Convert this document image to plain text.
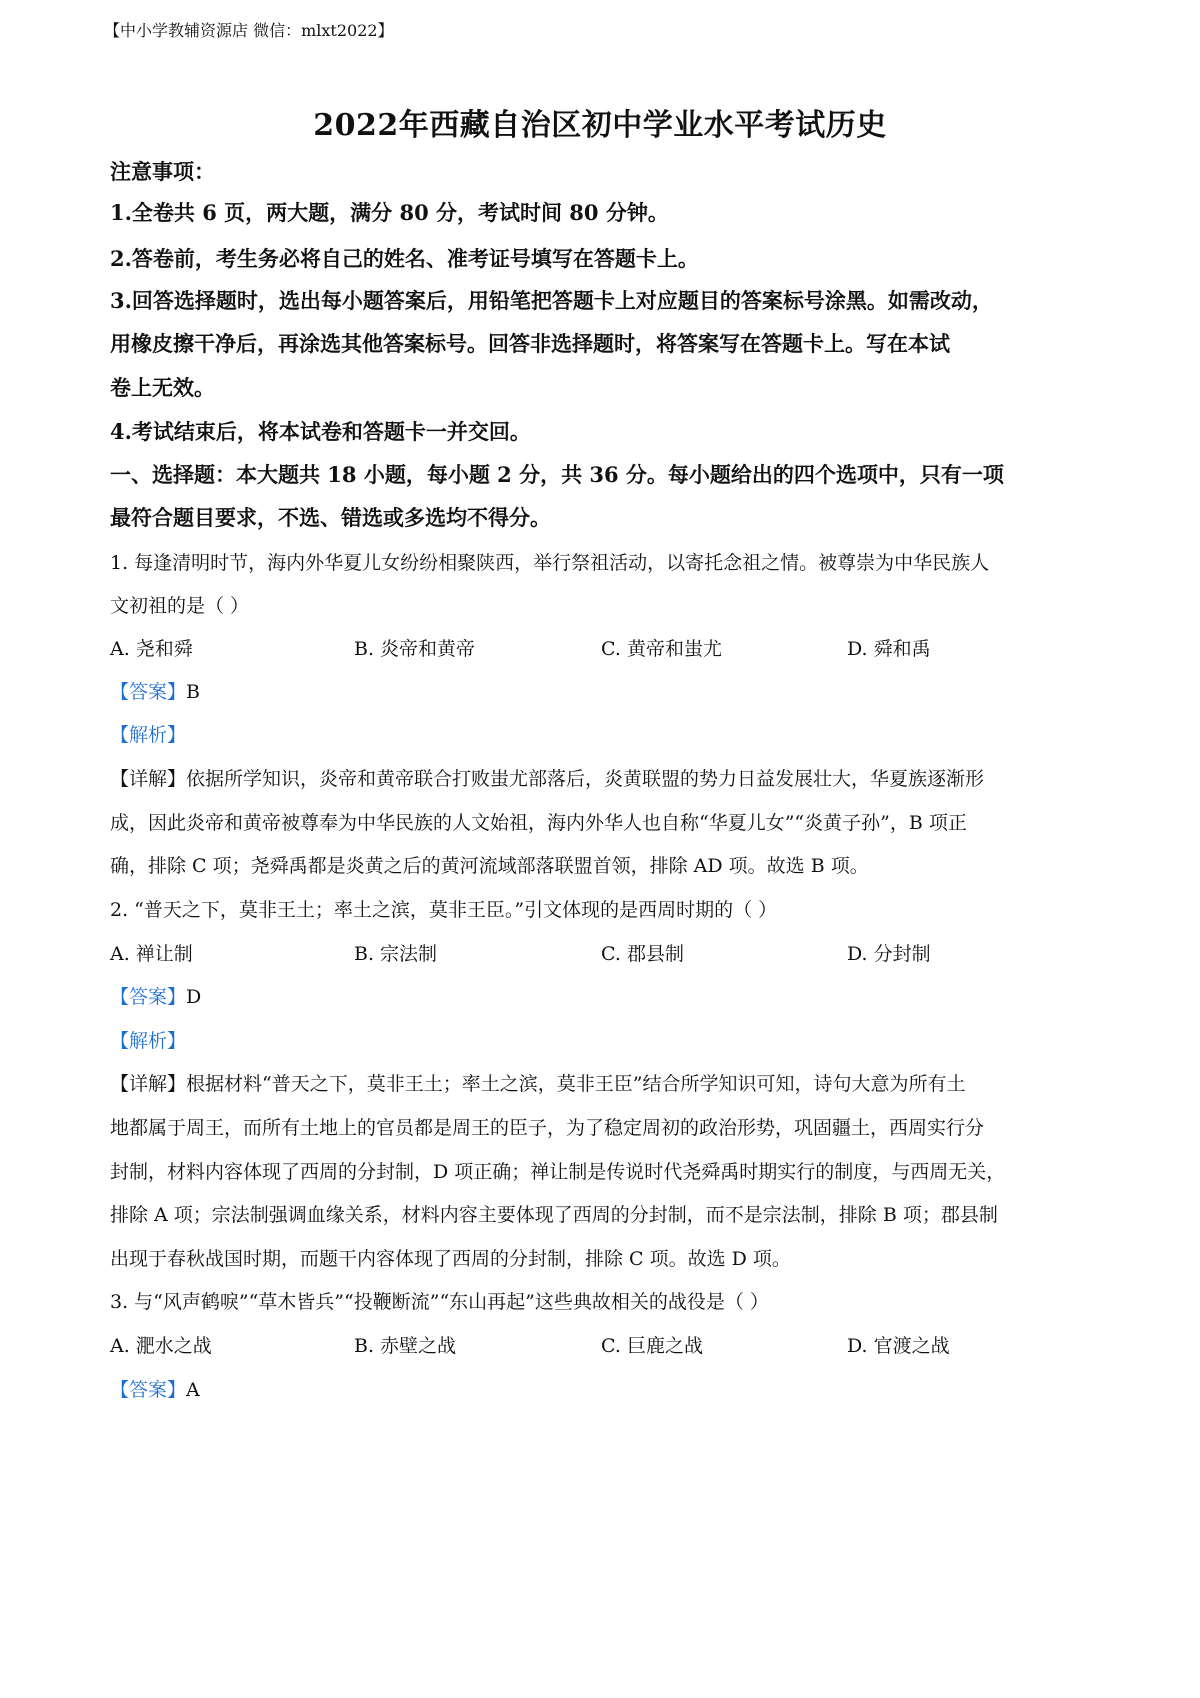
【中小学教辅资源店 微信：mlxt2022】
2022年西藏自治区初中学业水平考试历史
注意事项：
1.全卷共 6 页，两大题，满分 80 分，考试时间 80 分钟。
2.答卷前，考生务必将自己的姓名、准考证号填写在答题卡上。
3.回答选择题时，选出每小题答案后，用铅笔把答题卡上对应题目的答案标号涂黑。如需改动，
用橡皮擦干净后，再涂选其他答案标号。回答非选择题时，将答案写在答题卡上。写在本试
卷上无效。
4.考试结束后，将本试卷和答题卡一并交回。
一、选择题：本大题共 18 小题，每小题 2 分，共 36 分。每小题给出的四个选项中，只有一项
最符合题目要求，不选、错选或多选均不得分。
1. 每逢清明时节，海内外华夏儿女纷纷相聚陕西，举行祭祖活动，以寄托念祖之情。被尊崇为中华民族人
文初祖的是（ ）
A. 尧和舜	B. 炎帝和黄帝	C. 黄帝和蚩尤	D. 舜和禹
【答案】B
【解析】
【详解】依据所学知识，炎帝和黄帝联合打败蚩尤部落后，炎黄联盟的势力日益发展壮大，华夏族逐渐形
成，因此炎帝和黄帝被尊奉为中华民族的人文始祖，海内外华人也自称“华夏儿女”“炎黄子孙”，B 项正
确，排除 C 项；尧舜禹都是炎黄之后的黄河流域部落联盟首领，排除 AD 项。故选 B 项。
2. “普天之下，莫非王土；率土之滨，莫非王臣。”引文体现的是西周时期的（ ）
A. 禅让制	B. 宗法制	C. 郡县制	D. 分封制
【答案】D
【解析】
【详解】根据材料“普天之下，莫非王土；率土之滨，莫非王臣”结合所学知识可知，诗句大意为所有土
地都属于周王，而所有土地上的官员都是周王的臣子，为了稳定周初的政治形势，巩固疆土，西周实行分
封制，材料内容体现了西周的分封制，D 项正确；禅让制是传说时代尧舜禹时期实行的制度，与西周无关，
排除 A 项；宗法制强调血缘关系，材料内容主要体现了西周的分封制，而不是宗法制，排除 B 项；郡县制
出现于春秋战国时期，而题干内容体现了西周的分封制，排除 C 项。故选 D 项。
3. 与“风声鹤唳”“草木皆兵”“投鞭断流”“东山再起”这些典故相关的战役是（ ）
A. 淝水之战	B. 赤壁之战	C. 巨鹿之战	D. 官渡之战
【答案】A
